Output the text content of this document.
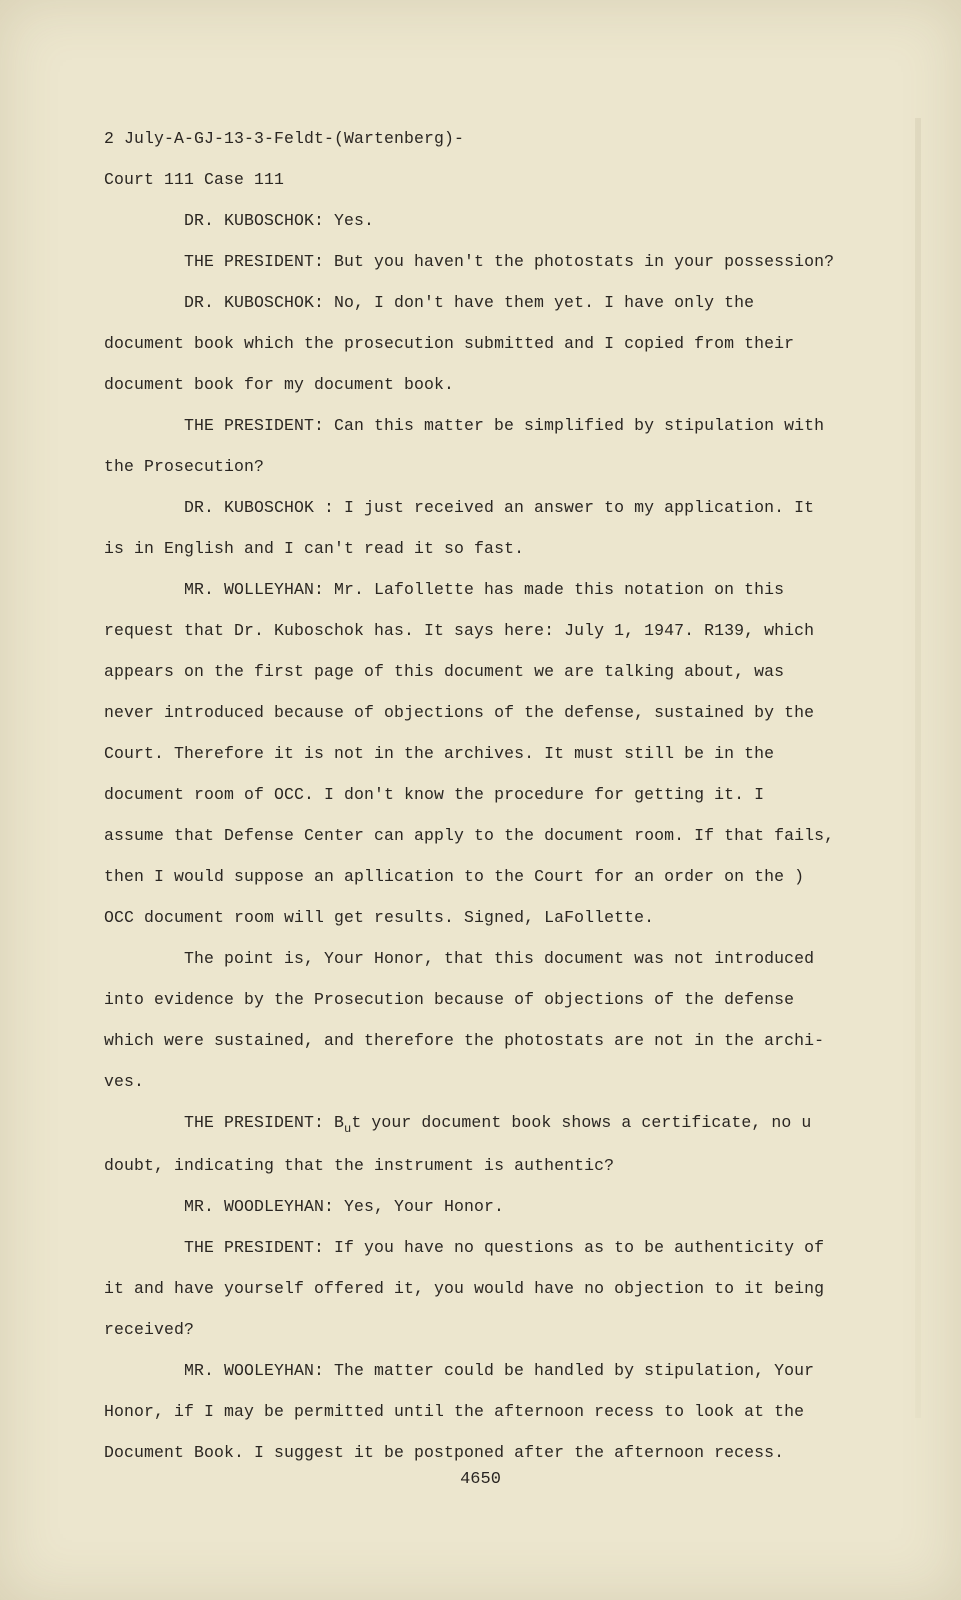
2 July-A-GJ-13-3-Feldt-(Wartenberg)-

Court 111 Case 111

DR. KUBOSCHOK: Yes.

THE PRESIDENT: But you haven't the photostats in your possession?

DR. KUBOSCHOK: No, I don't have them yet. I have only the

document book which the prosecution submitted and I copied from their

document book for my document book.

THE PRESIDENT: Can this matter be simplified by stipulation with

the Prosecution?

DR. KUBOSCHOK : I just received an answer to my application. It

is in English and I can't read it so fast.

MR. WOLLEYHAN: Mr. Lafollette has made this notation on this

request that Dr. Kuboschok has. It says here: July 1, 1947. R139, which

appears on the first page of this document we are talking about, was

never introduced because of objections of the defense, sustained by the

Court. Therefore it is not in the archives. It must still be in the

document room of OCC. I don't know the procedure for getting it. I

assume that Defense Center can apply to the document room. If that fails,

then I would suppose an apllication to the Court for an order on the )

OCC document room will get results. Signed, LaFollette.

The point is, Your Honor, that this document was not introduced

into evidence by the Prosecution because of objections of the defense

which were sustained, and therefore the photostats are not in the archi-

ves.

THE PRESIDENT: $B_ut$ your document book shows a certificate, no u

doubt, indicating that the instrument is authentic?

MR. WOODLEYHAN: Yes, Your Honor.

THE PRESIDENT: If you have no questions as to be authenticity of

it and have yourself offered it, you would have no objection to it being

received?

MR. WOOLEYHAN: The matter could be handled by stipulation, Your

Honor, if I may be permitted until the afternoon recess to look at the

Document Book. I suggest it be postponed after the afternoon recess.

4650
